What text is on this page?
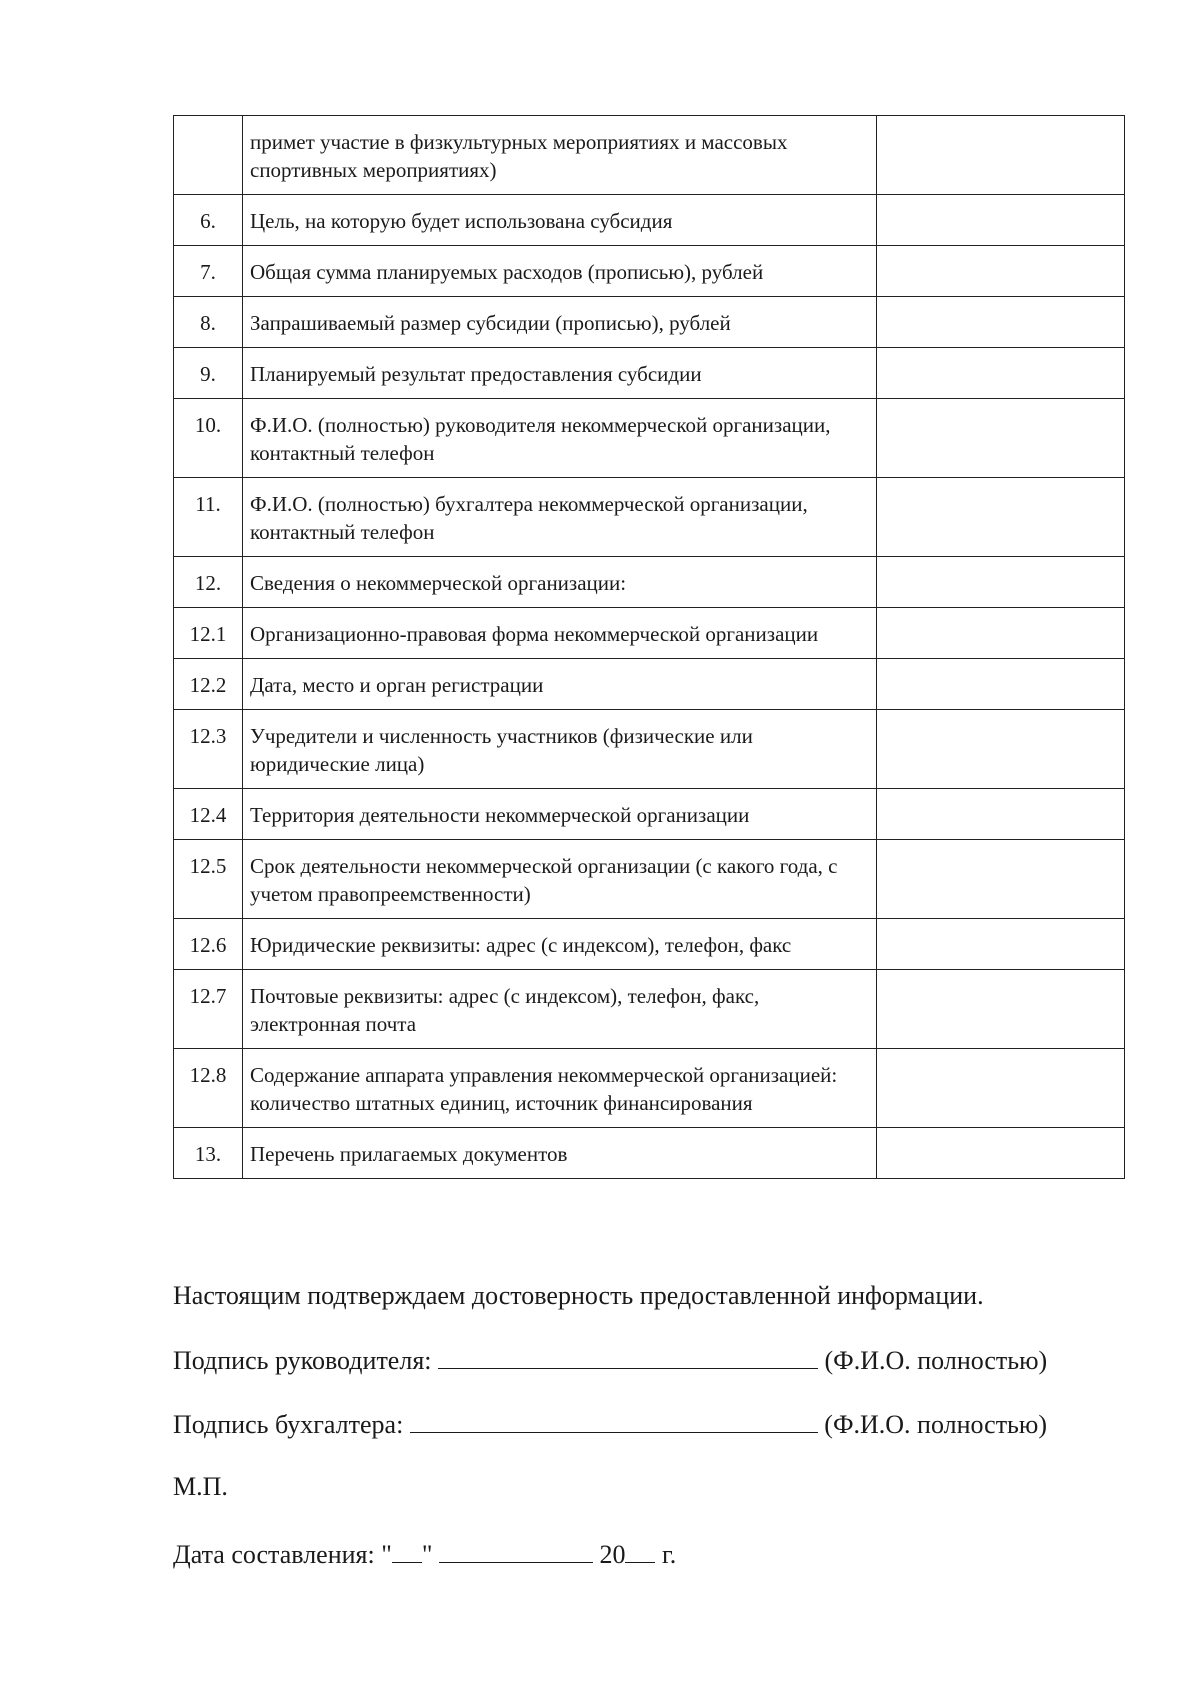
	примет участие в физкультурных мероприятиях и массовых спортивных мероприятиях)	
6.	Цель, на которую будет использована субсидия	
7.	Общая сумма планируемых расходов (прописью), рублей	
8.	Запрашиваемый размер субсидии (прописью), рублей	
9.	Планируемый результат предоставления субсидии	
10.	Ф.И.О. (полностью) руководителя некоммерческой организации, контактный телефон	
11.	Ф.И.О. (полностью) бухгалтера некоммерческой организации, контактный телефон	
12.	Сведения о некоммерческой организации:	
12.1	Организационно-правовая форма некоммерческой организации	
12.2	Дата, место и орган регистрации	
12.3	Учредители и численность участников (физические или юридические лица)	
12.4	Территория деятельности некоммерческой организации	
12.5	Срок деятельности некоммерческой организации (с какого года, с учетом правопреемственности)	
12.6	Юридические реквизиты: адрес (с индексом), телефон, факс	
12.7	Почтовые реквизиты: адрес (с индексом), телефон, факс, электронная почта	
12.8	Содержание аппарата управления некоммерческой организацией: количество штатных единиц, источник финансирования	
13.	Перечень прилагаемых документов	
Настоящим подтверждаем достоверность предоставленной информации.
Подпись руководителя:	(Ф.И.О. полностью)
Подпись бухгалтера:	(Ф.И.О. полностью)
М.П.
Дата составления: " "	20 г.
